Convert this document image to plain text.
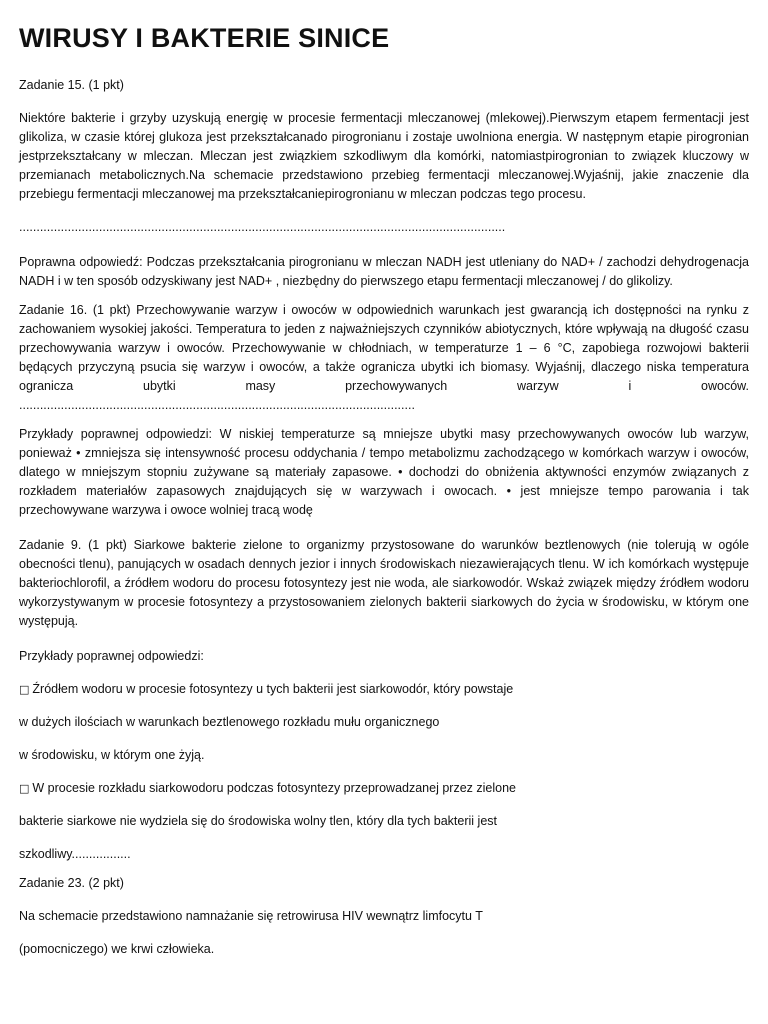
WIRUSY I BAKTERIE SINICE

Zadanie 15. (1 pkt)

Niektóre bakterie i grzyby uzyskują energię w procesie fermentacji mleczanowej (mlekowej).Pierwszym etapem fermentacji jest glikoliza, w czasie której glukoza jest przekształcanado pirogronianu i zostaje uwolniona energia. W następnym etapie pirogronian jestprzekształcany w mleczan. Mleczan jest związkiem szkodliwym dla komórki, natomiastpirogronian to związek kluczowy w przemianach metabolicznych.Na schemacie przedstawiono przebieg fermentacji mleczanowej.Wyjaśnij, jakie znaczenie dla przebiegu fermentacji mleczanowej ma przekształcaniepirogronianu w mleczan podczas tego procesu.

............................................................................................................................................

Poprawna odpowiedź: Podczas przekształcania pirogronianu w mleczan NADH jest utleniany do NAD+ / zachodzi dehydrogenacja NADH i w ten sposób odzyskiwany jest NAD+ , niezbędny do pierwszego etapu fermentacji mleczanowej / do glikolizy.

Zadanie 16. (1 pkt) Przechowywanie warzyw i owoców w odpowiednich warunkach jest gwarancją ich dostępności na rynku z zachowaniem wysokiej jakości. Temperatura to jeden z najważniejszych czynników abiotycznych, które wpływają na długość czasu przechowywania warzyw i owoców. Przechowywanie w chłodniach, w temperaturze 1 – 6 °C, zapobiega rozwojowi bakterii będących przyczyną psucia się warzyw i owoców, a także ogranicza ubytki ich biomasy. Wyjaśnij, dlaczego niska temperatura ogranicza ubytki masy przechowywanych warzyw i owoców. ..................................................................................................................

Przykłady poprawnej odpowiedzi: W niskiej temperaturze są mniejsze ubytki masy przechowywanych owoców lub warzyw, ponieważ • zmniejsza się intensywność procesu oddychania / tempo metabolizmu zachodzącego w komórkach warzyw i owoców, dlatego w mniejszym stopniu zużywane są materiały zapasowe. • dochodzi do obniżenia aktywności enzymów związanych z rozkładem materiałów zapasowych znajdujących się w warzywach i owocach. • jest mniejsze tempo parowania i tak przechowywane warzywa i owoce wolniej tracą wodę

Zadanie 9. (1 pkt) Siarkowe bakterie zielone to organizmy przystosowane do warunków beztlenowych (nie tolerują w ogóle obecności tlenu), panujących w osadach dennych jezior i innych środowiskach niezawierających tlenu. W ich komórkach występuje bakteriochlorofil, a źródłem wodoru do procesu fotosyntezy jest nie woda, ale siarkowodór. Wskaż związek między źródłem wodoru wykorzystywanym w procesie fotosyntezy a przystosowaniem zielonych bakterii siarkowych do życia w środowisku, w którym one występują.

Przykłady poprawnej odpowiedzi:

□ Źródłem wodoru w procesie fotosyntezy u tych bakterii jest siarkowodór, który powstaje
w dużych ilościach w warunkach beztlenowego rozkładu mułu organicznego
w środowisku, w którym one żyją.
□ W procesie rozkładu siarkowodoru podczas fotosyntezy przeprowadzanej przez zielone
bakterie siarkowe nie wydziela się do środowiska wolny tlen, który dla tych bakterii jest
szkodliwy.................

Zadanie 23. (2 pkt)

Na schemacie przedstawiono namnażanie się retrowirusa HIV wewnątrz limfocytu T
(pomocniczego) we krwi człowieka.
